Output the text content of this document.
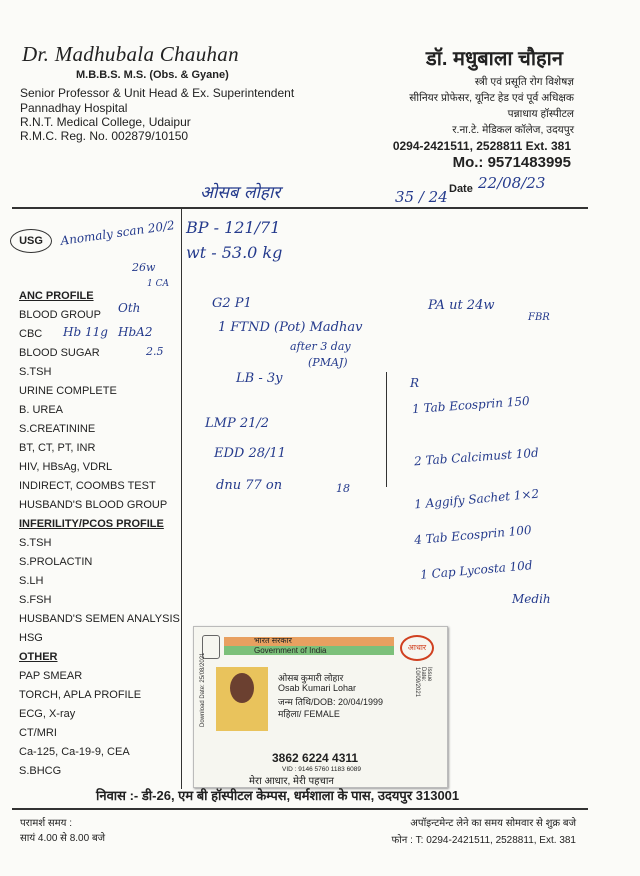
Dr. Madhubala Chauhan
M.B.B.S. M.S. (Obs. & Gyane)
Senior Professor & Unit Head & Ex. Superintendent
Pannadhay Hospital
R.N.T. Medical College, Udaipur
R.M.C. Reg. No. 002879/10150
डॉ. मधुबाला चौहान
स्त्री एवं प्रसूति रोग विशेषज्ञ
सीनियर प्रोफेसर, यूनिट हेड एवं पूर्व अधिक्षक
पन्नाधाय हॉस्पीटल
र.ना.टे. मेडिकल कॉलेज, उदयपुर
0294-2421511, 2528811 Ext. 381
Mo.: 9571483995
ओसब लोहार	35 / 24 Date 22/08/23
USG	Anomaly scan 20/2
26w
1 CA
ANC PROFILE
BLOOD GROUP
CBC
BLOOD SUGAR
S.TSH
URINE COMPLETE
B. UREA
S.CREATININE
BT, CT, PT, INR
HIV, HBsAg, VDRL
INDIRECT, COOMBS TEST
HUSBAND'S BLOOD GROUP
INFERILITY/PCOS PROFILE
S.TSH
S.PROLACTIN
S.LH
S.FSH
HUSBAND'S SEMEN ANALYSIS
HSG
OTHER
PAP SMEAR
TORCH, APLA PROFILE
ECG, X-ray
CT/MRI
Ca-125, Ca-19-9, CEA
S.BHCG
Oth
Hb 11g HbA2
2.5
BP - 121/71
wt - 53.0 kg
G2 P1
1 FTND (Pot) Madhav
after 3 day
(PMAJ)
LB - 3y
PA ut 24w
FBR
LMP 21/2
EDD 28/11
dnu 77 on	18
R
1 Tab Ecosprin 150
2 Tab Calcimust 10d
1 Aggify Sachet 1×2
4 Tab Ecosprin 100
1 Cap Lycosta 10d
Medih
भारत सरकार
Government of India	आधार
Download Date: 25/08/2021	Issue Date: 10/09/2021
ओसब कुमारी लोहार
Osab Kumari Lohar
जन्म तिथि/DOB: 20/04/1999
महिला/ FEMALE
3862 6224 4311
VID : 9146 5760 1183 6089
मेरा आधार, मेरी पहचान
निवास :- डी-26, एम बी हॉस्पीटल केम्पस, धर्मशाला के पास, उदयपुर 313001
परामर्श समय :
सायं 4.00 से 8.00 बजे
अपॉइन्टमेन्ट लेने का समय सोमवार से शुक्र बजे
फोन : T: 0294-2421511, 2528811, Ext. 381
